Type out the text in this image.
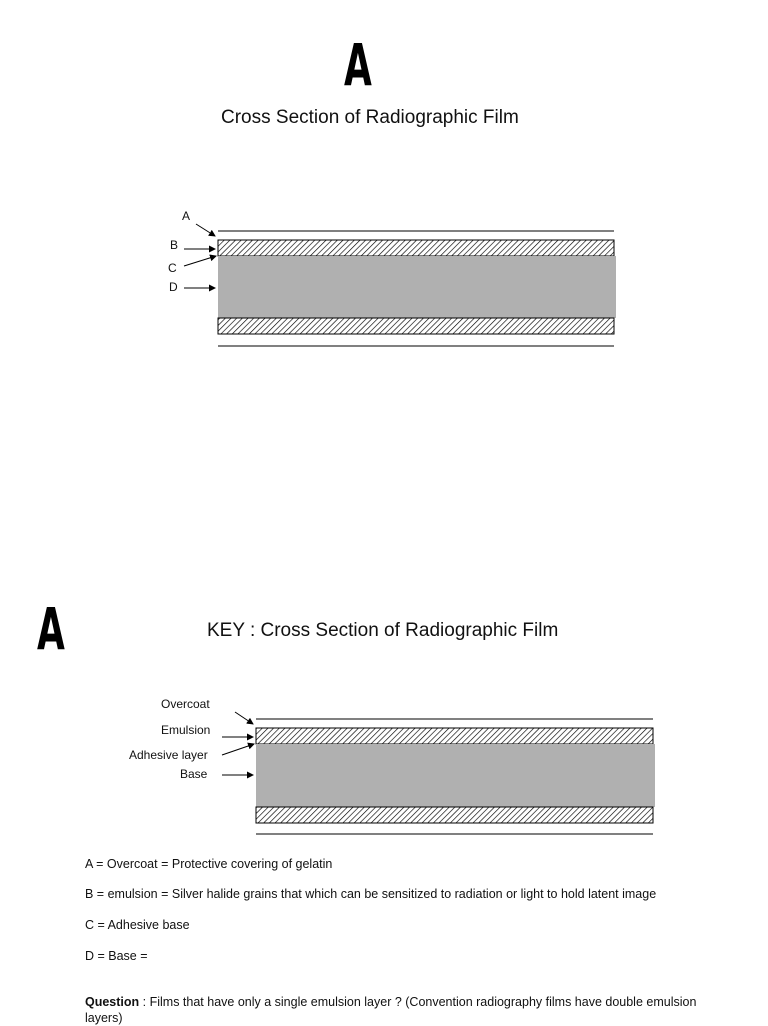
A
Cross Section of Radiographic Film
A
B
C
D
A	KEY : Cross Section of Radiographic Film
Overcoat
Emulsion
Adhesive layer
Base
A = Overcoat = Protective covering of gelatin
B = emulsion = Silver halide grains that which can be sensitized to radiation or light to hold latent image
C = Adhesive base
D = Base =
Question : Films that have only a single emulsion layer ? (Convention radiography films have double emulsion layers)
